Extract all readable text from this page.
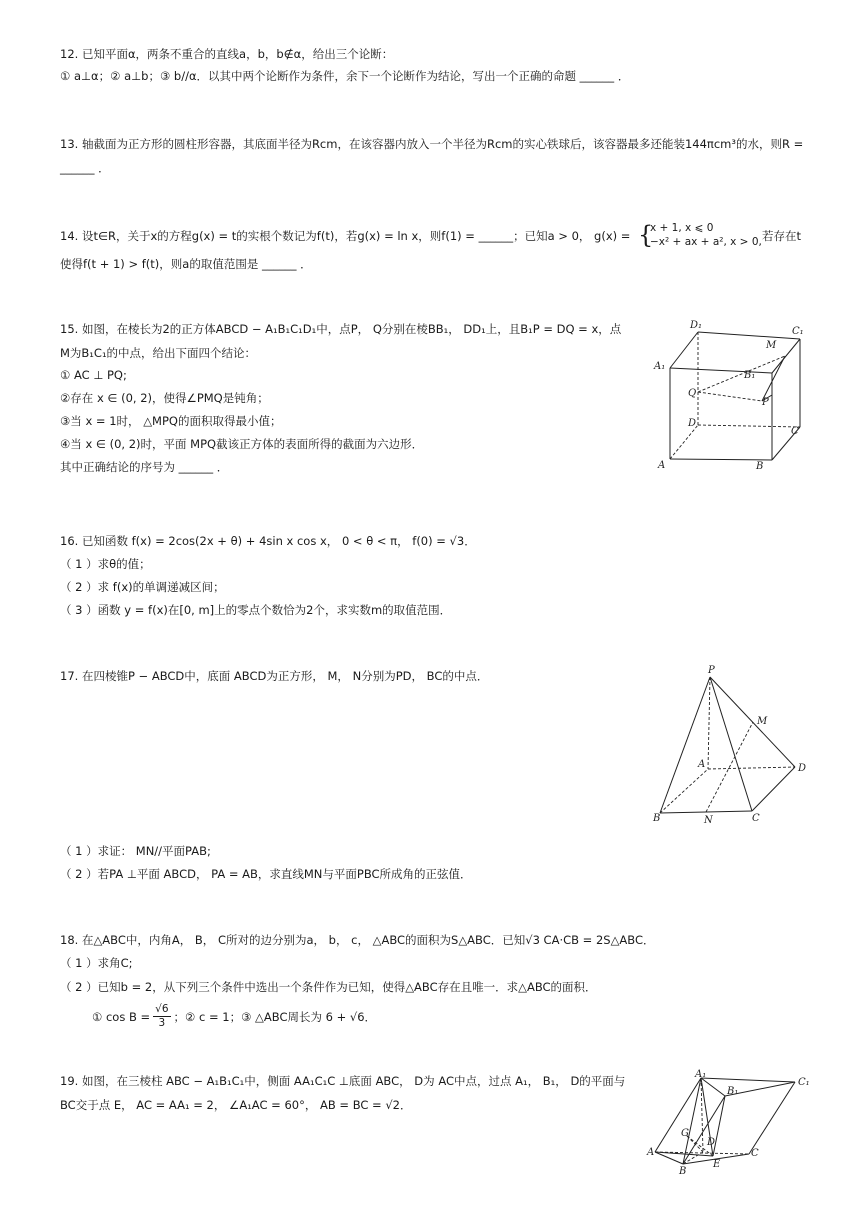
12. 已知平面α，两条不重合的直线a，b，b∉α，给出三个论断：
① a⊥α；② a⊥b；③ b//α．以其中两个论断作为条件，余下一个论断作为结论，写出一个正确的命题 ______ ．
13. 轴截面为正方形的圆柱形容器，其底面半径为Rcm，在该容器内放入一个半径为Rcm的实心铁球后，该容器最多还能装144πcm³的水，则R =
______ ．
14. 设t∈R，关于x的方程g(x) = t的实根个数记为f(t)，若g(x) = ln x，则f(1) = ______；已知a > 0， g(x) = {
x + 1, x ⩽ 0
−x² + ax + a², x > 0, 若存在t
使得f(t + 1) > f(t)，则a的取值范围是 ______ ．
15. 如图，在棱长为2的正方体ABCD − A₁B₁C₁D₁中，点P， Q分别在棱BB₁， DD₁上，且B₁P = DQ = x，点
M为B₁C₁的中点，给出下面四个结论：
① AC ⊥ PQ;
②存在 x ∈ (0, 2)，使得∠PMQ是钝角；
③当 x = 1时， △MPQ的面积取得最小值；
④当 x ∈ (0, 2)时，平面 MPQ截该正方体的表面所得的截面为六边形．
其中正确结论的序号为 ______ ．
D₁
C₁
A₁
M
B₁
Q
P
D
C
A	B
16. 已知函数 f(x) = 2cos(2x + θ) + 4sin x cos x， 0 < θ < π， f(0) = √3．
（ 1 ）求θ的值；
（ 2 ）求 f(x)的单调递减区间；
（ 3 ）函数 y = f(x)在[0, m]上的零点个数恰为2个，求实数m的取值范围．
17. 在四棱锥P − ABCD中，底面 ABCD为正方形， M， N分别为PD， BC的中点．	P
M
A	D
B	N	C
（ 1 ）求证： MN//平面PAB;
（ 2 ）若PA ⊥平面 ABCD， PA = AB，求直线MN与平面PBC所成角的正弦值．
18. 在△ABC中，内角A， B， C所对的边分别为a， b， c， △ABC的面积为S△ABC．已知√3 CA·CB = 2S△ABC．
（ 1 ）求角C;
（ 2 ）已知b = 2，从下列三个条件中选出一个条件作为已知，使得△ABC存在且唯一．求△ABC的面积．
① $\cos B = \frac{√6}{3}$ ；② c = 1；③ △ABC周长为 6 + √6．
19. 如图，在三棱柱 ABC − A₁B₁C₁中，侧面 AA₁C₁C ⊥底面 ABC， D为 AC中点，过点 A₁， B₁， D的平面与
BC交于点 E， AC = AA₁ = 2， ∠A₁AC = 60°， AB = BC = √2．
A₁
B₁
C₁
G
D
A
B
E
C
